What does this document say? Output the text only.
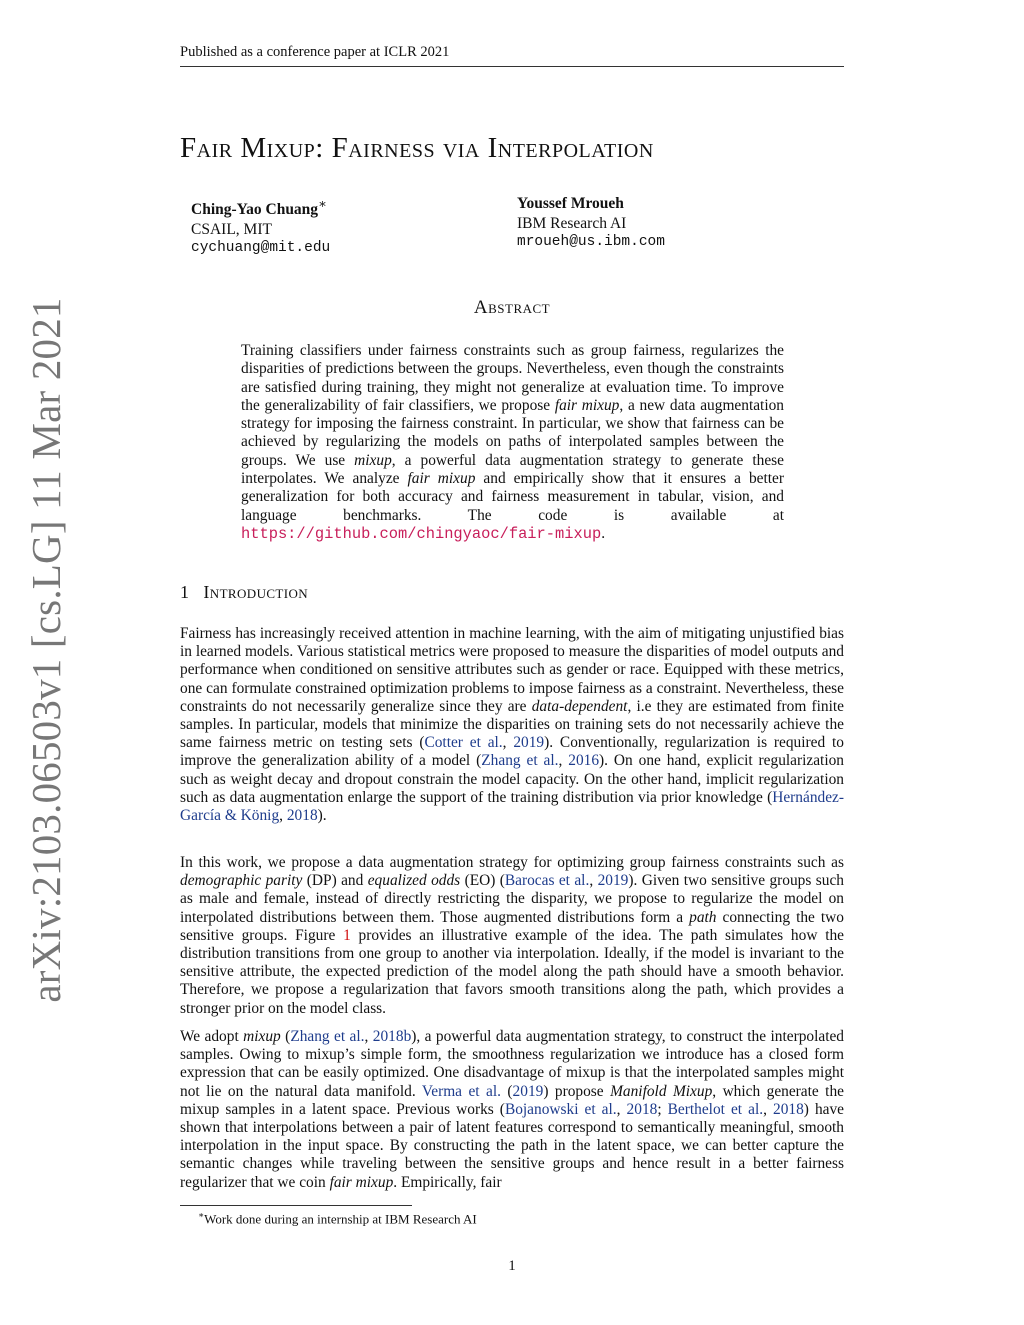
Published as a conference paper at ICLR 2021
arXiv:2103.06503v1 [cs.LG] 11 Mar 2021
Fair Mixup: Fairness via Interpolation
Ching-Yao Chuang∗
CSAIL, MIT
cychuang@mit.edu
Youssef Mroueh
IBM Research AI
mroueh@us.ibm.com
Abstract

Training classifiers under fairness constraints such as group fairness, regularizes the disparities of predictions between the groups. Nevertheless, even though the constraints are satisfied during training, they might not generalize at evaluation time. To improve the generalizability of fair classifiers, we propose fair mixup, a new data augmentation strategy for imposing the fairness constraint. In particular, we show that fairness can be achieved by regularizing the models on paths of interpolated samples between the groups. We use mixup, a powerful data augmentation strategy to generate these interpolates. We analyze fair mixup and empirically show that it ensures a better generalization for both accuracy and fairness measurement in tabular, vision, and language benchmarks. The code is available at https://github.com/chingyaoc/fair-mixup.

1 Introduction

Fairness has increasingly received attention in machine learning, with the aim of mitigating unjustified bias in learned models. Various statistical metrics were proposed to measure the disparities of model outputs and performance when conditioned on sensitive attributes such as gender or race. Equipped with these metrics, one can formulate constrained optimization problems to impose fairness as a constraint. Nevertheless, these constraints do not necessarily generalize since they are data-dependent, i.e they are estimated from finite samples. In particular, models that minimize the disparities on training sets do not necessarily achieve the same fairness metric on testing sets (Cotter et al., 2019). Conventionally, regularization is required to improve the generalization ability of a model (Zhang et al., 2016). On one hand, explicit regularization such as weight decay and dropout constrain the model capacity. On the other hand, implicit regularization such as data augmentation enlarge the support of the training distribution via prior knowledge (Hernández-García & König, 2018).

In this work, we propose a data augmentation strategy for optimizing group fairness constraints such as demographic parity (DP) and equalized odds (EO) (Barocas et al., 2019). Given two sensitive groups such as male and female, instead of directly restricting the disparity, we propose to regularize the model on interpolated distributions between them. Those augmented distributions form a path connecting the two sensitive groups. Figure 1 provides an illustrative example of the idea. The path simulates how the distribution transitions from one group to another via interpolation. Ideally, if the model is invariant to the sensitive attribute, the expected prediction of the model along the path should have a smooth behavior. Therefore, we propose a regularization that favors smooth transitions along the path, which provides a stronger prior on the model class.

We adopt mixup (Zhang et al., 2018b), a powerful data augmentation strategy, to construct the interpolated samples. Owing to mixup’s simple form, the smoothness regularization we introduce has a closed form expression that can be easily optimized. One disadvantage of mixup is that the interpolated samples might not lie on the natural data manifold. Verma et al. (2019) propose Manifold Mixup, which generate the mixup samples in a latent space. Previous works (Bojanowski et al., 2018; Berthelot et al., 2018) have shown that interpolations between a pair of latent features correspond to semantically meaningful, smooth interpolation in the input space. By constructing the path in the latent space, we can better capture the semantic changes while traveling between the sensitive groups and hence result in a better fairness regularizer that we coin fair mixup. Empirically, fair

∗Work done during an internship at IBM Research AI
1
